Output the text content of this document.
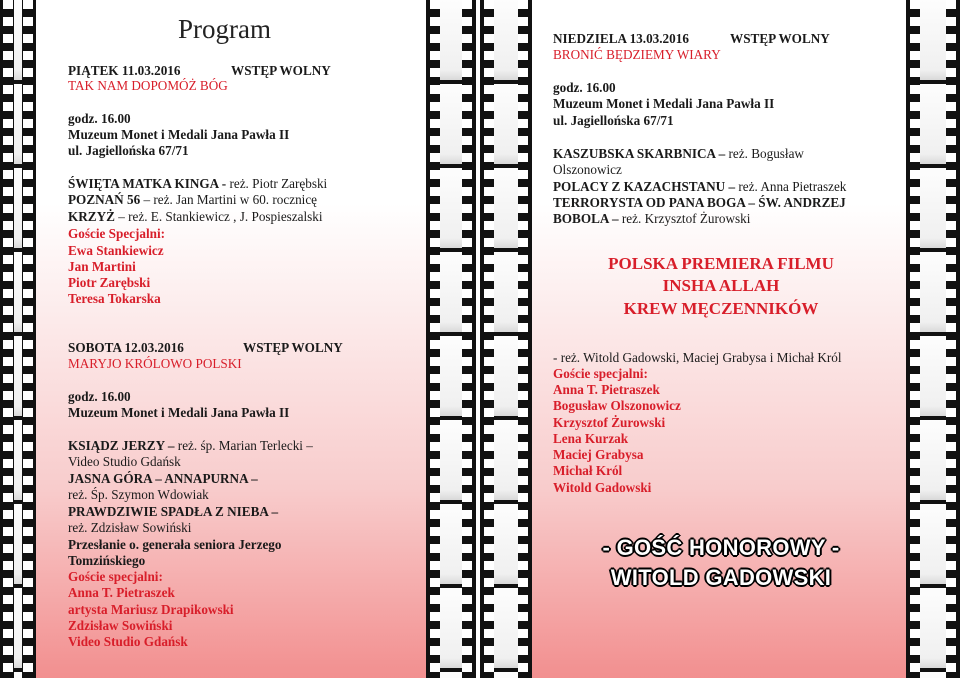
Program
PIĄTEK 11.03.2016	WSTĘP WOLNY
TAK NAM DOPOMÓŻ BÓG
godz. 16.00
Muzeum Monet i Medali Jana Pawła II
ul. Jagiellońska 67/71
ŚWIĘTA MATKA KINGA - reż. Piotr Zarębski
POZNAŃ 56 – reż. Jan Martini w 60. rocznicę
KRZYŻ – reż. E. Stankiewicz , J. Pospieszalski
Goście Specjalni:
Ewa Stankiewicz
Jan Martini
Piotr Zarębski
Teresa Tokarska
SOBOTA 12.03.2016	WSTĘP WOLNY
MARYJO KRÓLOWO POLSKI
godz. 16.00
Muzeum Monet i Medali Jana Pawła II
KSIĄDZ JERZY – reż. śp. Marian Terlecki –
Video Studio Gdańsk
JASNA GÓRA – ANNAPURNA –
reż. Śp. Szymon Wdowiak
PRAWDZIWIE SPADŁA Z NIEBA –
reż. Zdzisław Sowiński
Przesłanie o. generała seniora Jerzego
Tomzińskiego
Goście specjalni:
Anna T. Pietraszek
artysta Mariusz Drapikowski
Zdzisław Sowiński
Video Studio Gdańsk
NIEDZIELA 13.03.2016	WSTĘP WOLNY
BRONIĆ BĘDZIEMY WIARY
godz. 16.00
Muzeum Monet i Medali Jana Pawła II
ul. Jagiellońska 67/71
KASZUBSKA SKARBNICA – reż. Bogusław
Olszonowicz
POLACY Z KAZACHSTANU – reż. Anna Pietraszek
TERRORYSTA OD PANA BOGA – ŚW. ANDRZEJ
BOBOLA – reż. Krzysztof Żurowski
POLSKA PREMIERA FILMU
INSHA ALLAH
KREW MĘCZENNIKÓW
- reż. Witold Gadowski, Maciej Grabysa i Michał Król
Goście specjalni:
Anna T. Pietraszek
Bogusław Olszonowicz
Krzysztof Żurowski
Lena Kurzak
Maciej Grabysa
Michał Król
Witold Gadowski
- GOŚĆ HONOROWY -
WITOLD GADOWSKI
